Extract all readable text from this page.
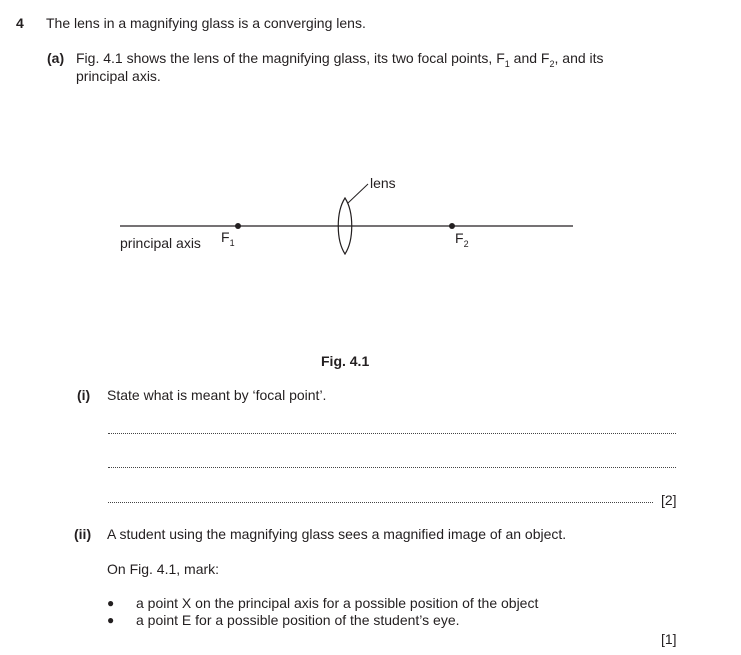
4 The lens in a magnifying glass is a converging lens.
(a) Fig. 4.1 shows the lens of the magnifying glass, its two focal points, $F_1$ and $F_2$, and its
principal axis.
lens
principal axis $F_1$	$F_2$
Fig. 4.1
(i) State what is meant by ‘focal point’.
[2]
(ii) A student using the magnifying glass sees a magnified image of an object.
On Fig. 4.1, mark:
● a point X on the principal axis for a possible position of the object
● a point E for a possible position of the student’s eye.
[1]
